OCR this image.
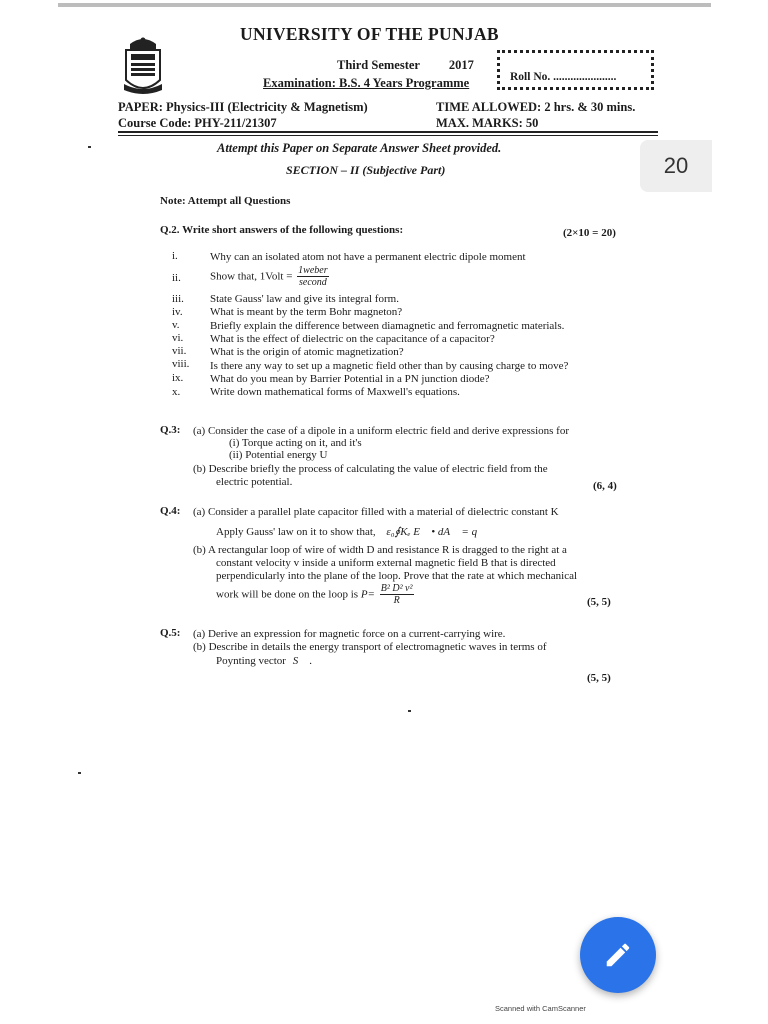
UNIVERSITY OF THE PUNJAB
Third Semester 2017
Examination: B.S. 4 Years Programme	Roll No. ......................
PAPER: Physics-III (Electricity & Magnetism)
Course Code: PHY-211/21307
TIME ALLOWED: 2 hrs. & 30 mins.
MAX. MARKS: 50
Attempt this Paper on Separate Answer Sheet provided.
SECTION – II (Subjective Part)	20
Note: Attempt all Questions
Q.2. Write short answers of the following questions:	(2×10 = 20)
i.	Why can an isolated atom not have a permanent electric dipole moment
ii.	Show that, 1Volt = $\frac{\text{1weber}}{\text{second}}$
iii. State Gauss' law and give its integral form.
iv. What is meant by the term Bohr magneton?
v.	Briefly explain the difference between diamagnetic and ferromagnetic materials.
vi. What is the effect of dielectric on the capacitance of a capacitor?
vii. What is the origin of atomic magnetization?
viii. Is there any way to set up a magnetic field other than by causing charge to move?
ix. What do you mean by Barrier Potential in a PN junction diode?
x.	Write down mathematical forms of Maxwell's equations.
Q.3: (a) Consider the case of a dipole in a uniform electric field and derive expressions for
(i) Torque acting on it, and it's
(ii) Potential energy U
(b) Describe briefly the process of calculating the value of electric field from the
electric potential.	(6, 4)
Q.4: (a) Consider a parallel plate capacitor filled with a material of dielectric constant K
Apply Gauss' law on it to show that, ε₀∮Kₑ E⃗ • dA⃗ = q
(b) A rectangular loop of wire of width D and resistance R is dragged to the right at a
constant velocity v inside a uniform external magnetic field B that is directed
perpendicularly into the plane of the loop. Prove that the rate at which mechanical
work will be done on the loop is $P= \frac{\text{B² D² v²}}{R}$	(5, 5)
Q.5: (a) Derive an expression for magnetic force on a current-carrying wire.
(b) Describe in details the energy transport of electromagnetic waves in terms of
Poynting vector S⃗ .
(5, 5)
Scanned with CamScanner
